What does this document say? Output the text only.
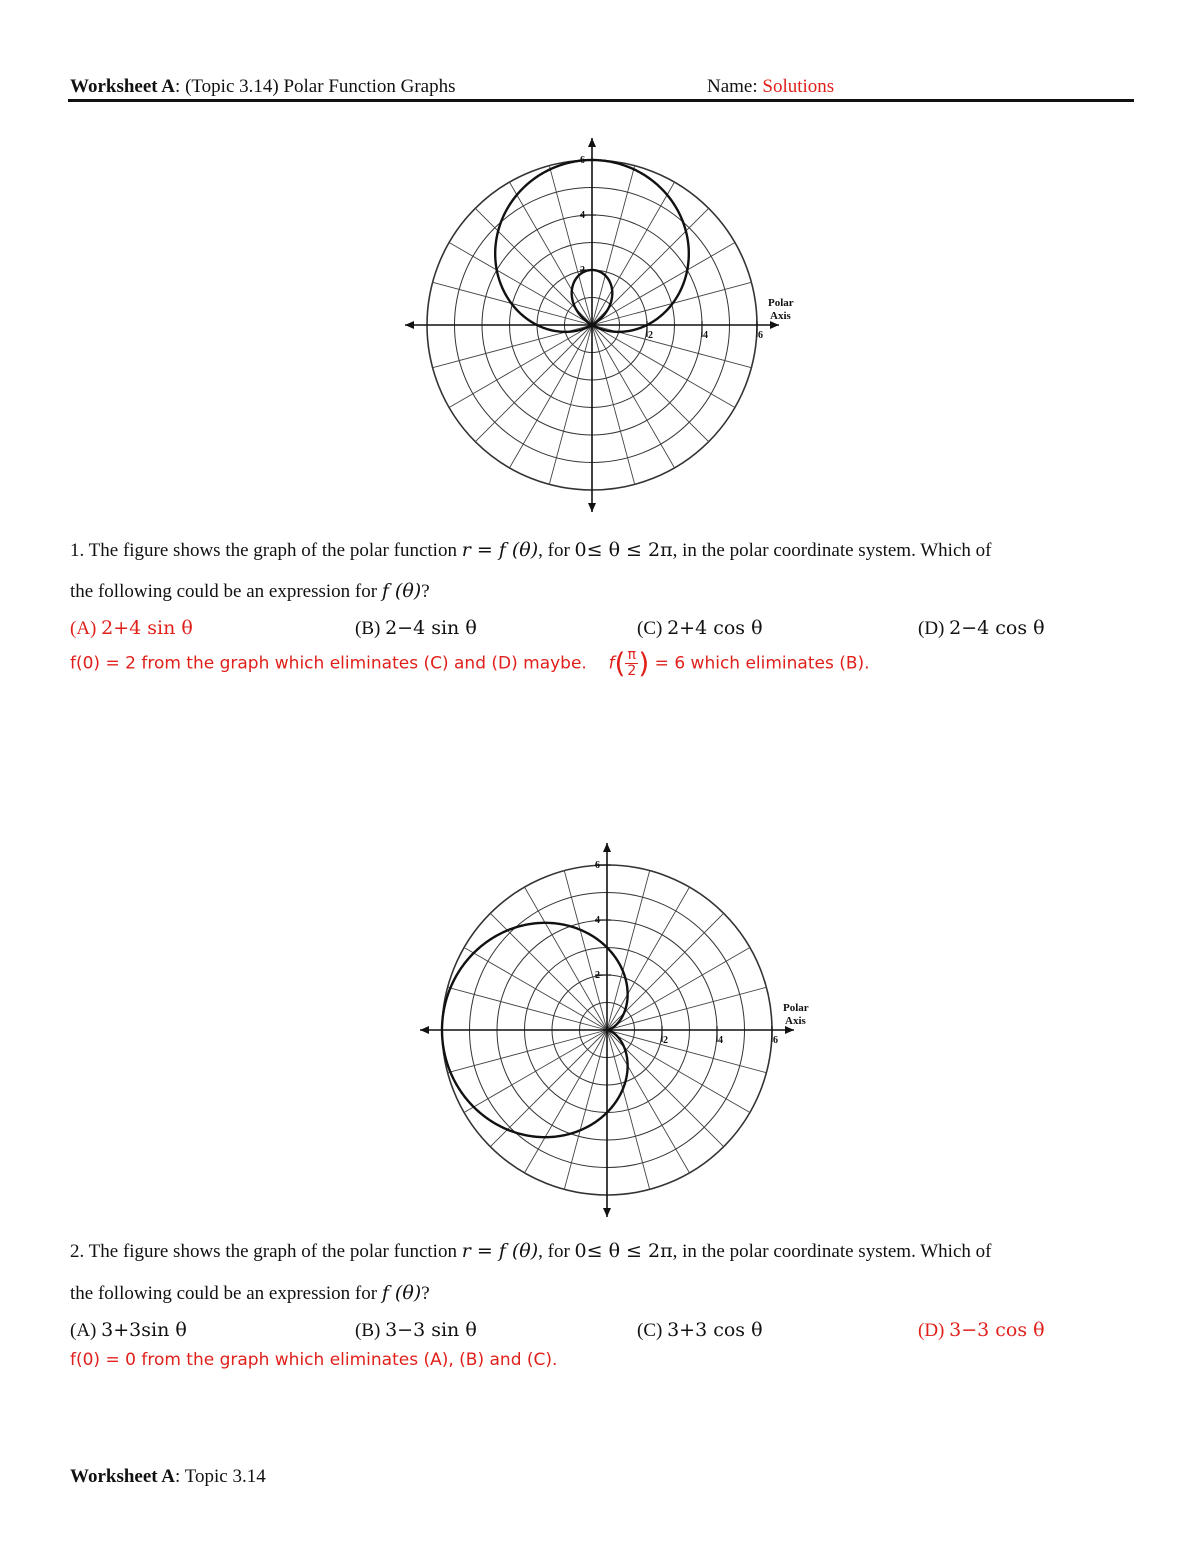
Worksheet A: (Topic 3.14) Polar Function Graphs	Name: Solutions
2	4	6
2
4
6
Polar
Axis
1. The figure shows the graph of the polar function r = f (θ), for 0≤ θ ≤ 2π, in the polar coordinate system. Which of
the following could be an expression for f (θ)?
(A) 2+4 sin θ	(B) 2−4 sin θ	(C) 2+4 cos θ	(D) 2−4 cos θ
f(0) = 2 from the graph which eliminates (C) and (D) maybe. $f( \frac{\pi}{2}$ ) = 6 which eliminates (B).
2	4	6
2
4
6
Polar
Axis
2. The figure shows the graph of the polar function r = f (θ), for 0≤ θ ≤ 2π, in the polar coordinate system. Which of
the following could be an expression for f (θ)?
(A) 3+3sin θ	(B) 3−3 sin θ	(C) 3+3 cos θ	(D) 3−3 cos θ
f(0) = 0 from the graph which eliminates (A), (B) and (C).
Worksheet A: Topic 3.14
